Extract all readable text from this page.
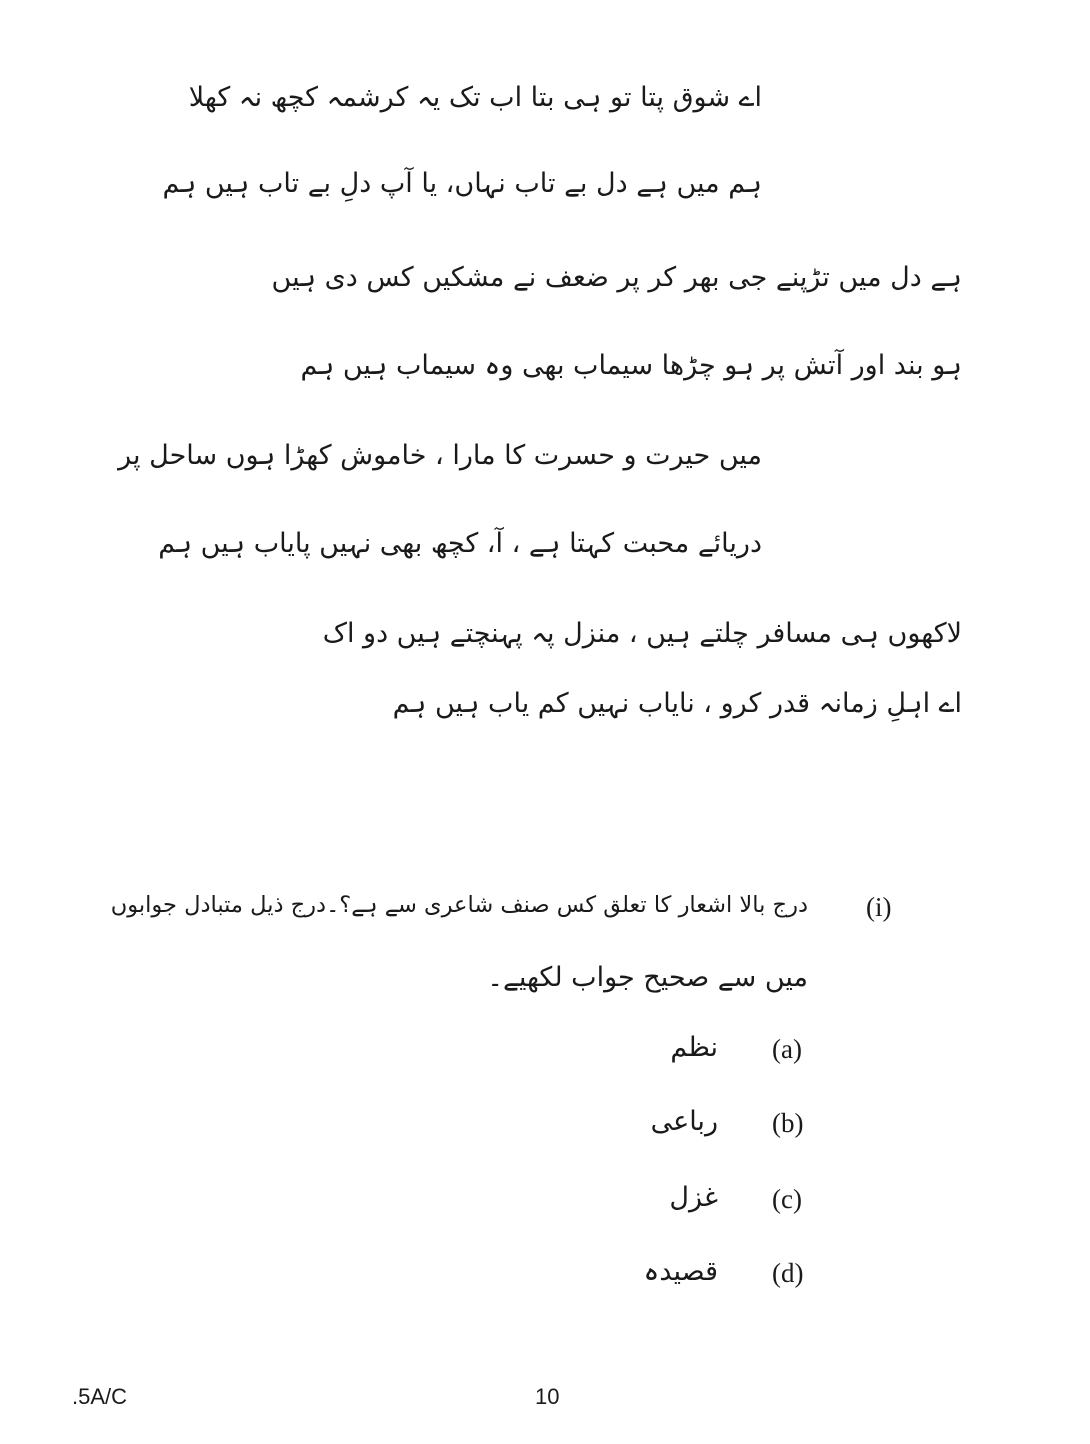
اے شوق پتا تو ہی بتا اب تک یہ کرشمہ کچھ نہ کھلا
ہم میں ہے دل بے تاب نہاں، یا آپ دلِ بے تاب ہیں ہم
ہے دل میں تڑپنے جی بھر کر پر ضعف نے مشکیں کس دی ہیں
ہو بند اور آتش پر ہو چڑھا سیماب بھی وہ سیماب ہیں ہم
میں حیرت و حسرت کا مارا ، خاموش کھڑا ہوں ساحل پر
دریائے محبت کہتا ہے ، آ، کچھ بھی نہیں پایاب ہیں ہم
لاکھوں ہی مسافر چلتے ہیں ، منزل پہ پہنچتے ہیں دو اک
اے اہلِ زمانہ قدر کرو ، نایاب نہیں کم یاب ہیں ہم
(i)
درج بالا اشعار کا تعلق کس صنف شاعری سے ہے؟۔درج ذیل متبادل جوابوں
میں سے صحیح جواب لکھیے۔
(a)
نظم
(b)
رباعی
(c)
غزل
(d)
قصیدہ
.5A/C	10
